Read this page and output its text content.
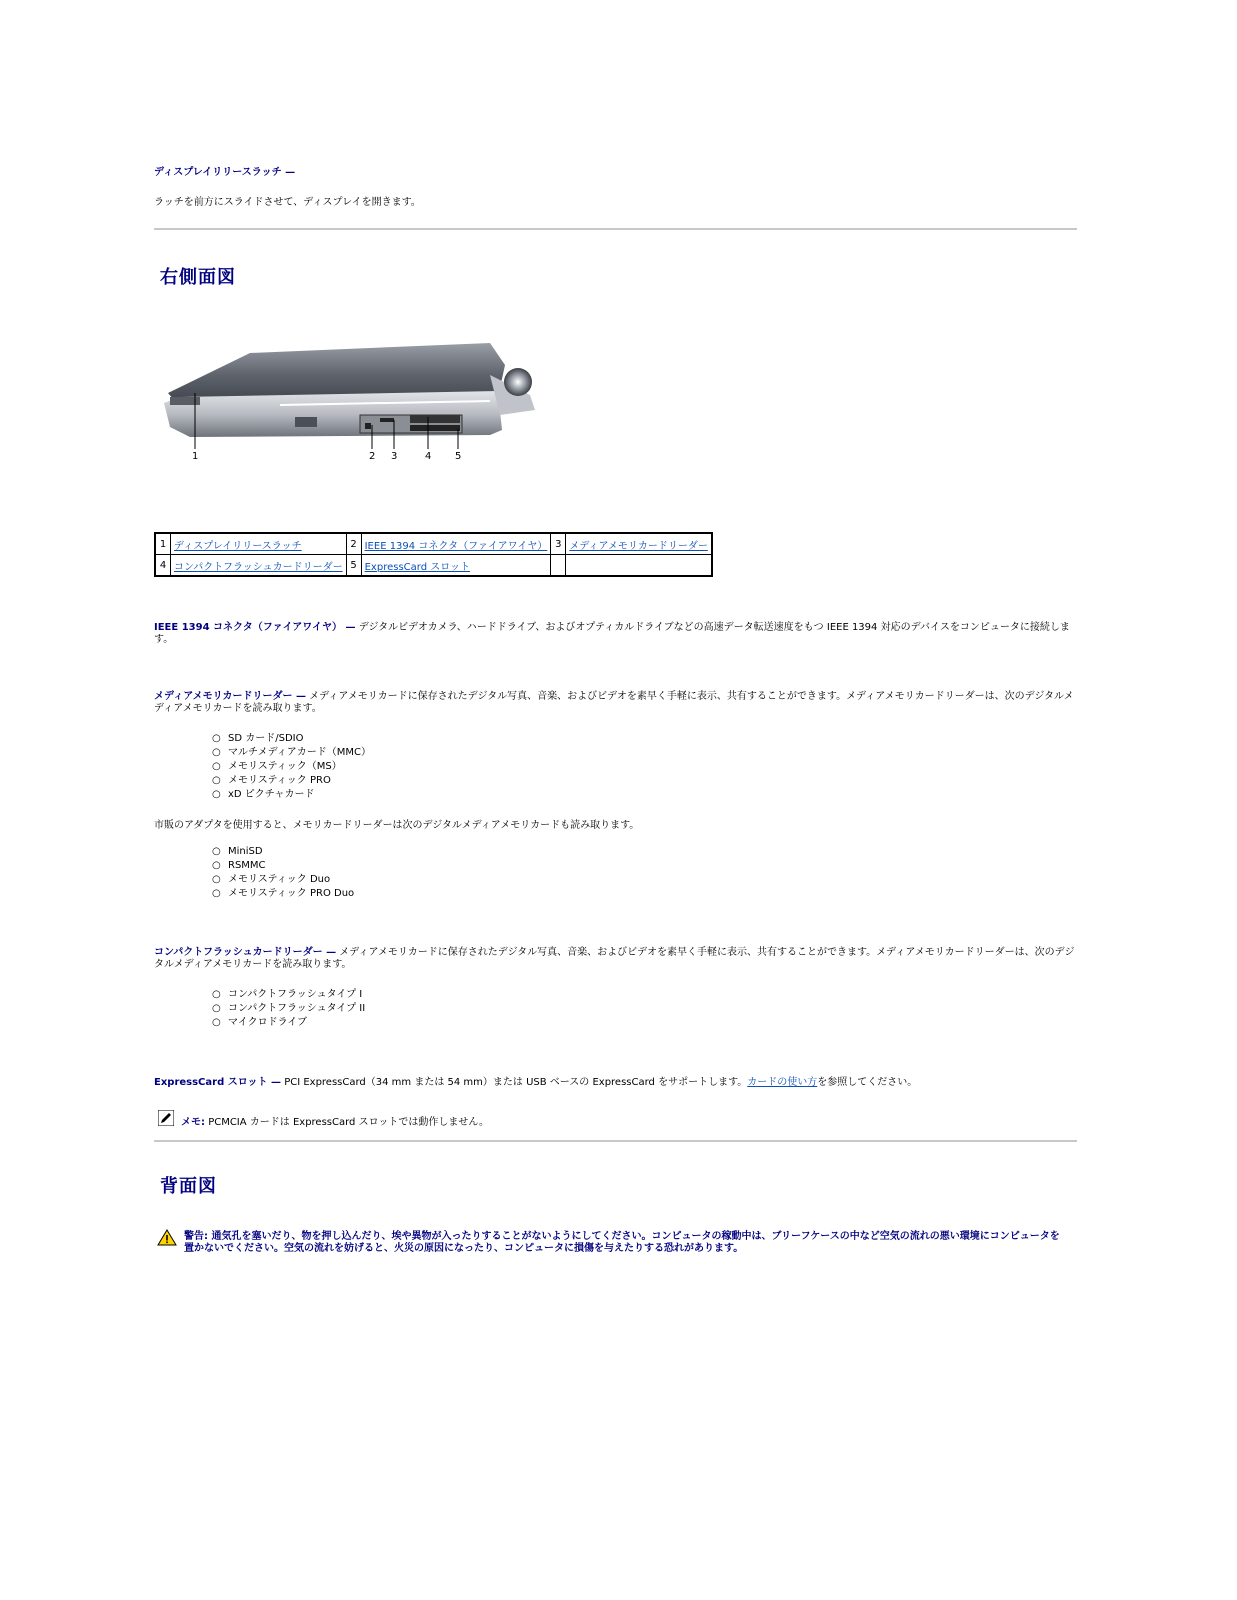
ディスプレイリリースラッチ —
ラッチを前方にスライドさせて、ディスプレイを開きます。
右側面図
1	2 3	4 5
1	ディスプレイリリースラッチ	2	IEEE 1394 コネクタ（ファイアワイヤ）	3	メディアメモリカードリーダー
4	コンパクトフラッシュカードリーダー	5	ExpressCard スロット		
IEEE 1394 コネクタ（ファイアワイヤ） — デジタルビデオカメラ、ハードドライブ、およびオプティカルドライブなどの高速データ転送速度をもつ IEEE 1394 対応のデバイスをコンピュータに接続します。
メディアメモリカードリーダー — メディアメモリカードに保存されたデジタル写真、音楽、およびビデオを素早く手軽に表示、共有することができます。メディアメモリカードリーダーは、次のデジタルメディアメモリカードを読み取ります。
○ SD カード/SDIO
○ マルチメディアカード（MMC）
○ メモリスティック（MS）
○ メモリスティック PRO
○ xD ピクチャカード
市販のアダプタを使用すると、メモリカードリーダーは次のデジタルメディアメモリカードも読み取ります。
○ MiniSD
○ RSMMC
○ メモリスティック Duo
○ メモリスティック PRO Duo
コンパクトフラッシュカードリーダー — メディアメモリカードに保存されたデジタル写真、音楽、およびビデオを素早く手軽に表示、共有することができます。メディアメモリカードリーダーは、次のデジタルメディアメモリカードを読み取ります。
○ コンパクトフラッシュタイプ I
○ コンパクトフラッシュタイプ II
○ マイクロドライブ
ExpressCard スロット — PCI ExpressCard（34 mm または 54 mm）または USB ベースの ExpressCard をサポートします。カードの使い方を参照してください。
メモ: PCMCIA カードは ExpressCard スロットでは動作しません。
背面図
警告: 通気孔を塞いだり、物を押し込んだり、埃や異物が入ったりすることがないようにしてください。コンピュータの稼動中は、ブリーフケースの中など空気の流れの悪い環境にコンピュータを置かないでください。空気の流れを妨げると、火災の原因になったり、コンピュータに損傷を与えたりする恐れがあります。
